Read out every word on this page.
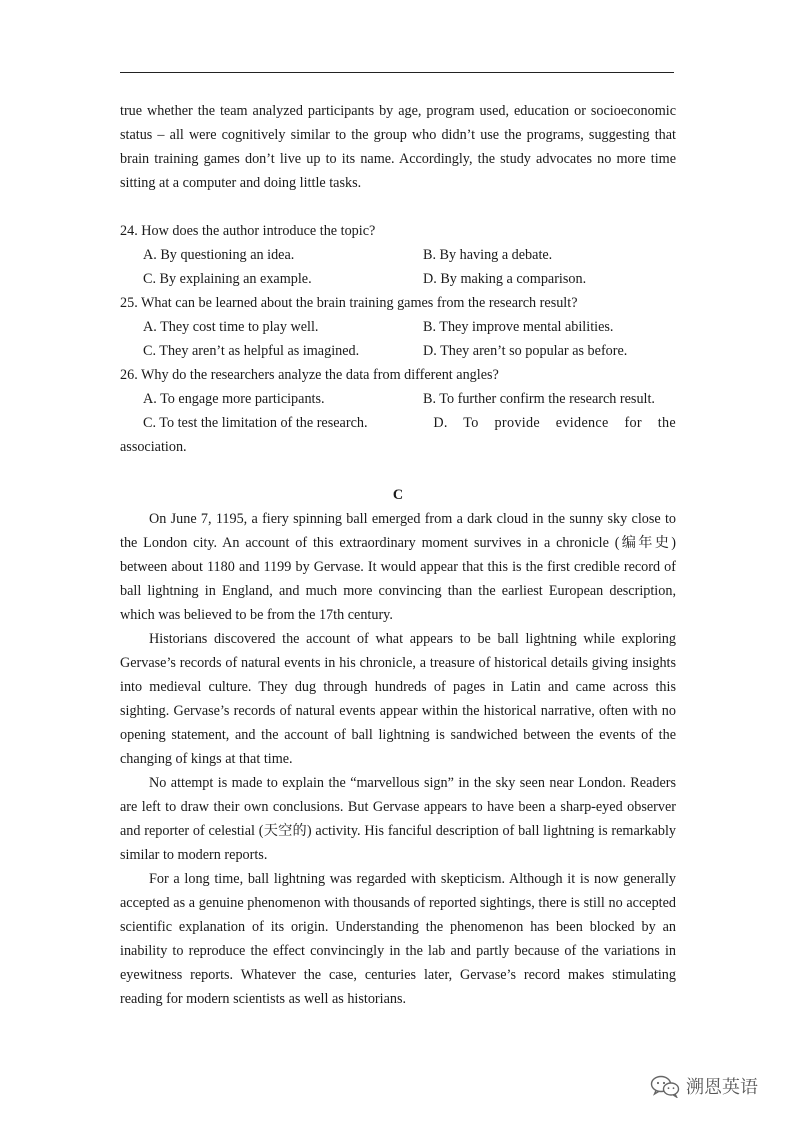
true whether the team analyzed participants by age, program used, education or socioeconomic status – all were cognitively similar to the group who didn’t use the programs, suggesting that brain training games don’t live up to its name. Accordingly, the study advocates no more time sitting at a computer and doing little tasks.

24. How does the author introduce the topic?

A. By questioning an idea.	B. By having a debate.
C. By explaining an example.	D. By making a comparison.

25. What can be learned about the brain training games from the research result?

A. They cost time to play well.	B. They improve mental abilities.
C. They aren’t as helpful as imagined.	D. They aren’t so popular as before.

26. Why do the researchers analyze the data from different angles?

A. To engage more participants.	B. To further confirm the research result.
C. To test the limitation of the research.	D. To provide evidence for the

association.

C

On June 7, 1195, a fiery spinning ball emerged from a dark cloud in the sunny sky close to the London city. An account of this extraordinary moment survives in a chronicle (编年史) between about 1180 and 1199 by Gervase. It would appear that this is the first credible record of ball lightning in England, and much more convincing than the earliest European description, which was believed to be from the 17th century.

Historians discovered the account of what appears to be ball lightning while exploring Gervase’s records of natural events in his chronicle, a treasure of historical details giving insights into medieval culture. They dug through hundreds of pages in Latin and came across this sighting. Gervase’s records of natural events appear within the historical narrative, often with no opening statement, and the account of ball lightning is sandwiched between the events of the changing of kings at that time.

No attempt is made to explain the “marvellous sign” in the sky seen near London. Readers are left to draw their own conclusions. But Gervase appears to have been a sharp-eyed observer and reporter of celestial (天空的) activity. His fanciful description of ball lightning is remarkably similar to modern reports.

For a long time, ball lightning was regarded with skepticism. Although it is now generally accepted as a genuine phenomenon with thousands of reported sightings, there is still no accepted scientific explanation of its origin. Understanding the phenomenon has been blocked by an inability to reproduce the effect convincingly in the lab and partly because of the variations in eyewitness reports. Whatever the case, centuries later, Gervase’s record makes stimulating reading for modern scientists as well as historians.

溯恩英语
